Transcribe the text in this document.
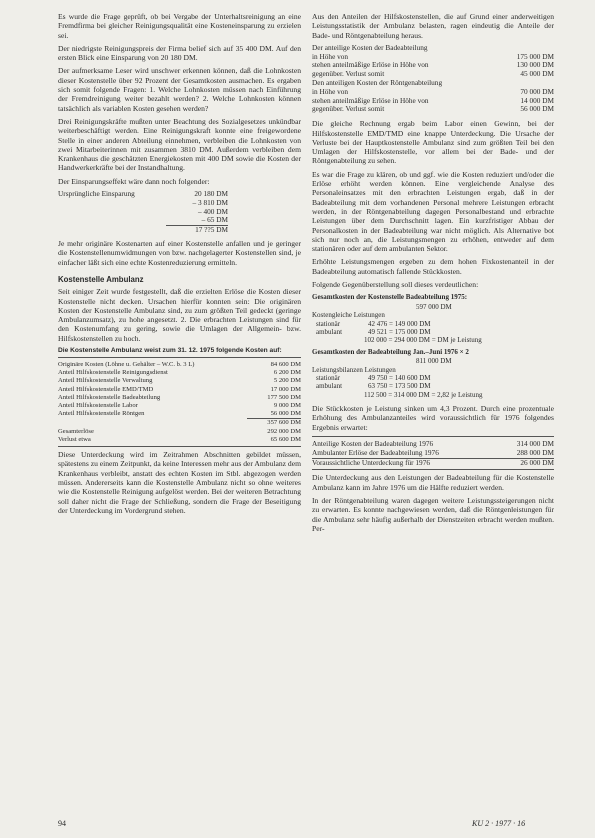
Es wurde die Frage geprüft, ob bei Vergabe der Unterhaltsreinigung an eine Fremdfirma bei gleicher Reinigungsqualität eine Kosteneinsparung zu erzielen sei.

Der niedrigste Reinigungspreis der Firma belief sich auf 35 400 DM. Auf den ersten Blick eine Einsparung von 20 180 DM.

Der aufmerksame Leser wird unschwer erkennen können, daß die Lohnkosten dieser Kostenstelle über 92 Prozent der Gesamtkosten ausmachen. Es ergaben sich somit folgende Fragen: 1. Welche Lohnkosten müssen nach Einführung der Fremdreinigung weiter bezahlt werden? 2. Welche Lohnkosten können tatsächlich als variablen Kosten gesehen werden?

Drei Reinigungskräfte mußten unter Beachtung des Sozialgesetzes unkündbar weiterbeschäftigt werden. Eine Reinigungskraft konnte eine freigewordene Stelle in einer anderen Abteilung einnehmen, verbleiben die Lohnkosten von zwei Mitarbeiterinnen mit zusammen 3810 DM. Außerdem verbleiben dem Krankenhaus die geschätzten Energiekosten mit 400 DM sowie die Kosten der Handwerkerkräfte bei der Instandhaltung.

Der Einsparungseffekt wäre dann noch folgender:

Ursprüngliche Einsparung	20 180 DM
– 3 810 DM
– 400 DM
– 65 DM
17 ??5 DM

Je mehr originäre Kostenarten auf einer Kostenstelle anfallen und je geringer die Kostenstellenumwidmungen von bzw. nachgelagerter Kostenstellen sind, je einfacher läßt sich eine echte Kostenreduzierung ermitteln.

Kostenstelle Ambulanz

Seit einiger Zeit wurde festgestellt, daß die erzielten Erlöse die Kosten dieser Kostenstelle nicht decken. Ursachen hierfür konnten sein: Die originären Kosten der Kostenstelle Ambulanz sind, zu zum größten Teil gedeckt (geringe Ambulanzumsatz), zu hohe angesetzt. 2. Die erbrachten Leistungen sind für den Kostenumfang zu gering, sowie die Umlagen der Allgemein- bzw. Hilfskostenstellen zu hoch.

Die Kostenstelle Ambulanz weist zum 31. 12. 1975 folgende Kosten auf:
Originäre Kosten (Löhne u. Gehälter – W.C. b. 3 L)	84 600 DM
Anteil Hilfskostenstelle Reinigungsdienst	6 200 DM
Anteil Hilfskostenstelle Verwaltung	5 200 DM
Anteil Hilfskostenstelle EMD/TMD	17 000 DM
Anteil Hilfskostenstelle Badeabteilung	177 500 DM
Anteil Hilfskostenstelle Labor	9 000 DM
Anteil Hilfskostenstelle Röntgen	56 000 DM
357 600 DM
Gesamterlöse	292 000 DM
Verlust etwa	65 600 DM

Diese Unterdeckung wird im Zeitrahmen Abschnitten gebildet müssen, spätestens zu einem Zeitpunkt, da keine Interessen mehr aus der Ambulanz dem Krankenhaus verbleibt, anstatt des echten Kosten im Stbl. abgezogen werden müssen. Andererseits kann die Kostenstelle Ambulanz nicht so ohne weiteres wie die Kostenstelle Reinigung aufgelöst werden. Bei der weiteren Betrachtung soll daher nicht die Frage der Schließung, sondern die Frage der Beseitigung der Unterdeckung im Vordergrund stehen.

Aus den Anteilen der Hilfskostenstellen, die auf Grund einer anderweitigen Leistungsstatistik der Ambulanz belasten, ragen eindeutig die Anteile der Bade- und Röntgenabteilung heraus.

Der anteilige Kosten der Badeabteilung
in Höhe von	175 000 DM
stehen anteilmäßige Erlöse in Höhe von	130 000 DM
gegenüber. Verlust somit	45 000 DM
Den anteiligen Kosten der Röntgenabteilung
in Höhe von	70 000 DM
stehen anteilmäßige Erlöse in Höhe von	14 000 DM
gegenüber. Verlust somit	56 000 DM

Die gleiche Rechnung ergab beim Labor einen Gewinn, bei der Hilfskostenstelle EMD/TMD eine knappe Unterdeckung. Die Ursache der Verluste bei der Hauptkostenstelle Ambulanz sind zum größten Teil bei den Umlagen der Hilfskostenstelle, vor allem bei der Bade- und der Röntgenabteilung zu sehen.

Es war die Frage zu klären, ob und ggf. wie die Kosten reduziert und/oder die Erlöse erhöht werden können. Eine vergleichende Analyse des Personaleinsatzes mit den erbrachten Leistungen ergab, daß in der Badeabteilung mit dem vorhandenen Personal mehrere Leistungen erbracht werden, in der Röntgenabteilung dagegen Personalbestand und erbrachte Leistungen über dem Durchschnitt lagen. Ein kurzfristiger Abbau der Personalkosten in der Badeabteilung war nicht möglich. Als Alternative bot sich nur noch an, die Leistungsmengen zu erhöhen, entweder auf dem stationären oder auf dem ambulanten Sektor.

Erhöhte Leistungsmengen ergeben zu dem hohen Fixkostenanteil in der Badeabteilung automatisch fallende Stückkosten.

Folgende Gegenüberstellung soll dieses verdeutlichen:

Gesamtkosten der Kostenstelle Badeabteilung 1975:
597 000 DM
Kostengleiche Leistungen
stationär	42 476 = 149 000 DM
ambulant	49 521 = 175 000 DM
102 000 = 294 000 DM = DM je Leistung
Gesamtkosten der Badeabteilung Jan.–Juni 1976 × 2
811 000 DM
Leistungsbilanzen Leistungen
stationär	49 750 = 140 600 DM
ambulant	63 750 = 173 500 DM
112 500 = 314 000 DM = 2,82 je Leistung

Die Stückkosten je Leistung sinken um 4,3 Prozent. Durch eine prozentuale Erhöhung des Ambulanzanteiles wird voraussichtlich für 1976 folgendes Ergebnis erwartet:

Anteilige Kosten der Badeabteilung 1976	314 000 DM
Ambulanter Erlöse der Badeabteilung 1976	288 000 DM
Voraussichtliche Unterdeckung für 1976	26 000 DM

Die Unterdeckung aus den Leistungen der Badeabteilung für die Kostenstelle Ambulanz kann im Jahre 1976 um die Hälfte reduziert werden.

In der Röntgenabteilung waren dagegen weitere Leistungssteigerungen nicht zu erwarten. Es konnte nachgewiesen werden, daß die Röntgenleistungen für die Ambulanz sehr häufig außerhalb der Dienstzeiten erbracht werden mußten. Per-

94	KU 2 · 1977 · 16
